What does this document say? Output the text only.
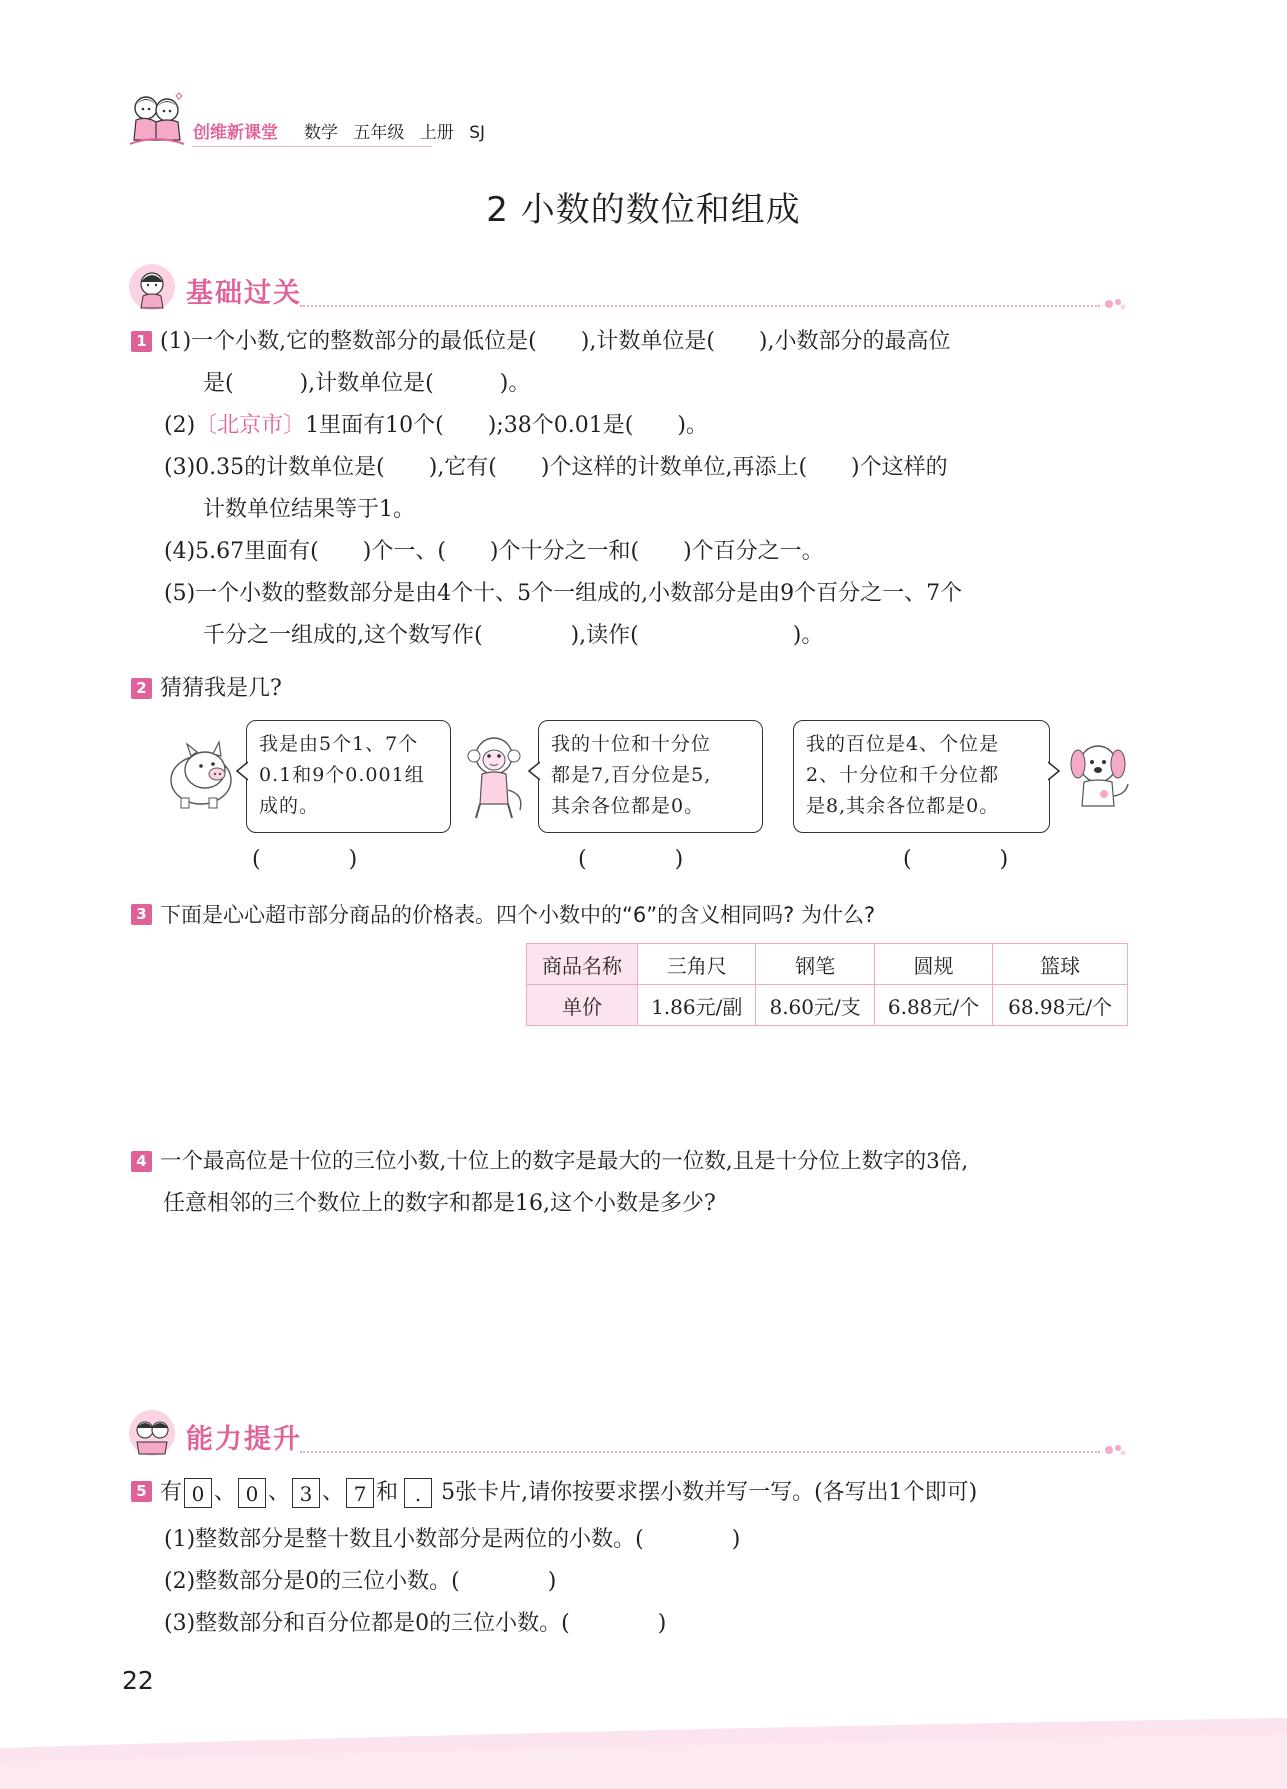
创维新课堂 数学 五年级 上册 SJ
2 小数的数位和组成
基础过关
1 (1)一个小数,它的整数部分的最低位是(　　),计数单位是(　　),小数部分的最高位
是(　　　),计数单位是(　　　)。
(2)〔北京市〕1里面有10个(　　);38个0.01是(　　)。
(3)0.35的计数单位是(　　),它有(　　)个这样的计数单位,再添上(　　)个这样的
计数单位结果等于1。
(4)5.67里面有(　　)个一、(　　)个十分之一和(　　)个百分之一。
(5)一个小数的整数部分是由4个十、5个一组成的,小数部分是由9个百分之一、7个
千分之一组成的,这个数写作(　　　　),读作(　　　　　　　)。
2 猜猜我是几?
我是由5个1、7个
0.1和9个0.001组
成的。
我的十位和十分位
都是7,百分位是5,
其余各位都是0。
我的百位是4、个位是
2、十分位和千分位都
是8,其余各位都是0。
(　　　　)	(　　　　)	(　　　　)
3 下面是心心超市部分商品的价格表。四个小数中的“6”的含义相同吗? 为什么?
商品名称	三角尺	钢笔	圆规	篮球
单价	1.86元/副	8.60元/支	6.88元/个	68.98元/个
4 一个最高位是十位的三位小数,十位上的数字是最大的一位数,且是十分位上数字的3倍,
任意相邻的三个数位上的数字和都是16,这个小数是多少?
能力提升
5 有 0 、 0 、 3 、 7 和 . 5张卡片,请你按要求摆小数并写一写。(各写出1个即可)
(1)整数部分是整十数且小数部分是两位的小数。(　　　　)
(2)整数部分是0的三位小数。(　　　　)
(3)整数部分和百分位都是0的三位小数。(　　　　)
22
